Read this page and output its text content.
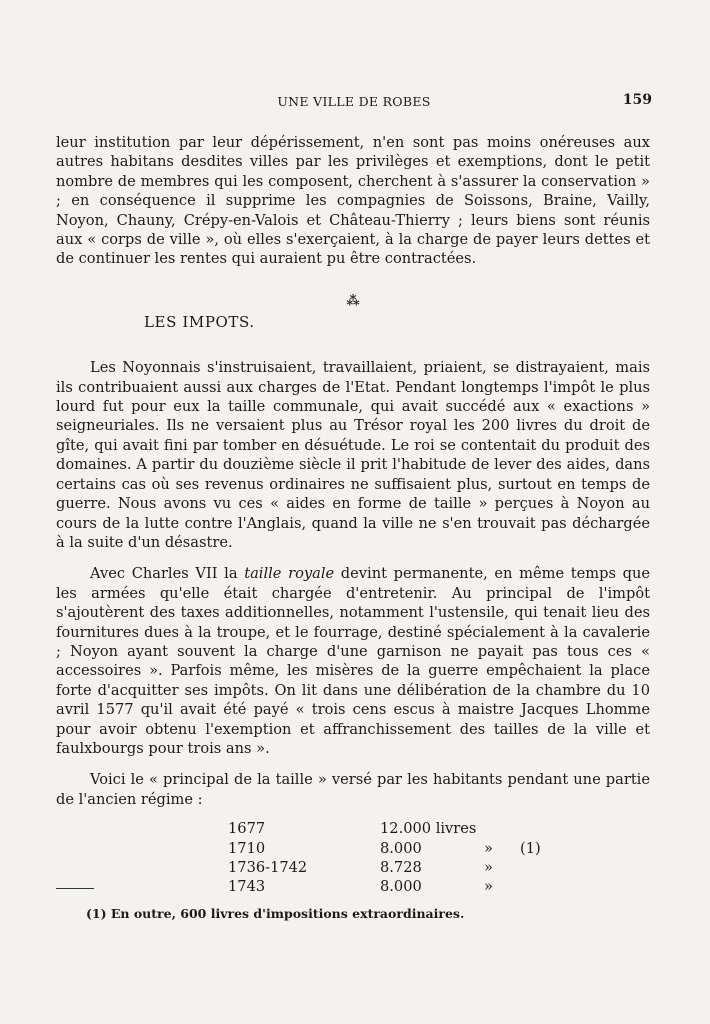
UNE VILLE DE ROBES	159

leur institution par leur dépérissement, n'en sont pas moins onéreuses aux autres habitans desdites villes par les privilèges et exemptions, dont le petit nombre de membres qui les composent, cherchent à s'assurer la conservation » ; en conséquence il supprime les compagnies de Soissons, Braine, Vailly, Noyon, Chauny, Crépy-en-Valois et Château-Thierry ; leurs biens sont réunis aux « corps de ville », où elles s'exerçaient, à la charge de payer leurs dettes et de continuer les rentes qui auraient pu être contractées.

⁂
LES IMPOTS.

Les Noyonnais s'instruisaient, travaillaient, priaient, se distrayaient, mais ils contribuaient aussi aux charges de l'Etat. Pendant longtemps l'impôt le plus lourd fut pour eux la taille communale, qui avait succédé aux « exactions » seigneuriales. Ils ne versaient plus au Trésor royal les 200 livres du droit de gîte, qui avait fini par tomber en désuétude. Le roi se contentait du produit des domaines. A partir du douzième siècle il prit l'habitude de lever des aides, dans certains cas où ses revenus ordinaires ne suffisaient plus, surtout en temps de guerre. Nous avons vu ces « aides en forme de taille » perçues à Noyon au cours de la lutte contre l'Anglais, quand la ville ne s'en trouvait pas déchargée à la suite d'un désastre.

Avec Charles VII la taille royale devint permanente, en même temps que les armées qu'elle était chargée d'entretenir. Au principal de l'impôt s'ajoutèrent des taxes additionnelles, notamment l'ustensile, qui tenait lieu des fournitures dues à la troupe, et le fourrage, destiné spécialement à la cavalerie ; Noyon ayant souvent la charge d'une garnison ne payait pas tous ces « accessoires ». Parfois même, les misères de la guerre empêchaient la place forte d'acquitter ses impôts. On lit dans une délibération de la chambre du 10 avril 1577 qu'il avait été payé « trois cens escus à maistre Jacques Lhomme pour avoir obtenu l'exemption et affranchissement des tailles de la ville et faulxbourgs pour trois ans ».

Voici le « principal de la taille » versé par les habitants pendant une partie de l'ancien régime :

1677	12.000 livres		
1710	8.000	»	(1)
1736-1742	8.728	»	
1743	8.000	»	
(1) En outre, 600 livres d'impositions extraordinaires.
